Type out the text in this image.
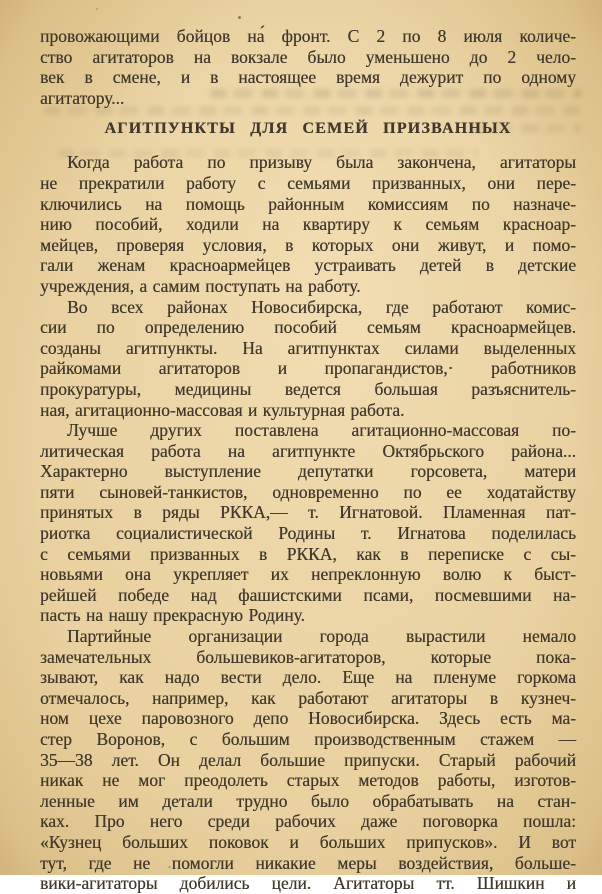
провожающими бойцов на́ фронт. С 2 по 8 июля количе-
ство агитаторов на вокзале было уменьшено до 2 чело-
век в смене, и в настоящее время дежурит по одному
агитатору...
АГИТПУНКТЫ ДЛЯ СЕМЕЙ ПРИЗВАННЫХ
Когда работа по призыву была закончена, агитаторы
не прекратили работу с семьями призванных, они пере-
ключились на помощь районным комиссиям по назначе-
нию пособий, ходили на квартиру к семьям красноар-
мейцев, проверяя условия, в которых они живут, и помо-
гали женам красноармейцев устраивать детей в детские
учреждения, а самим поступать на работу.
Во всех районах Новосибирска, где работают комис-
сии по определению пособий семьям красноармейцев.
созданы агитпункты. На агитпунктах силами выделенных
райкомами агитаторов и пропагандистов,· работников
прокуратуры, медицины ведется большая разъяснитель-
ная, агитационно-массовая и культурная работа.
Лучше других поставлена агитационно-массовая по-
литическая работа на агитпункте Октябрьского района...
Характерно выступление депутатки горсовета, матери
пяти сыновей-танкистов, одновременно по ее ходатайству
принятых в ряды РККА,— т. Игнатовой. Пламенная пат-
риотка социалистической Родины т. Игнатова поделилась
с семьями призванных в РККА, как в переписке с сы-
новьями она укрепляет их непреклонную волю к быст-
рейшей победе над фашистскими псами, посмевшими на-
пасть на нашу прекрасную Родину.
Партийные организации города вырастили немало
замечательных большевиков-агитаторов, которые пока-
зывают, как надо вести дело. Еще на пленуме горкома
отмечалось, например, как работают агитаторы в кузнеч-
ном цехе паровозного депо Новосибирска. Здесь есть ма-
стер Воронов, с большим производственным стажем —
35—38 лет. Он делал большие припуски. Старый рабочий
никак не мог преодолеть старых методов работы, изготов-
ленные им детали трудно было обрабатывать на стан-
ках. Про него среди рабочих даже поговорка пошла:
«Кузнец больших поковок и больших припусков». И вот
тут, где не помогли никакие меры воздействия, больше-
вики-агитаторы добились цели. Агитаторы тт. Шишкин и
